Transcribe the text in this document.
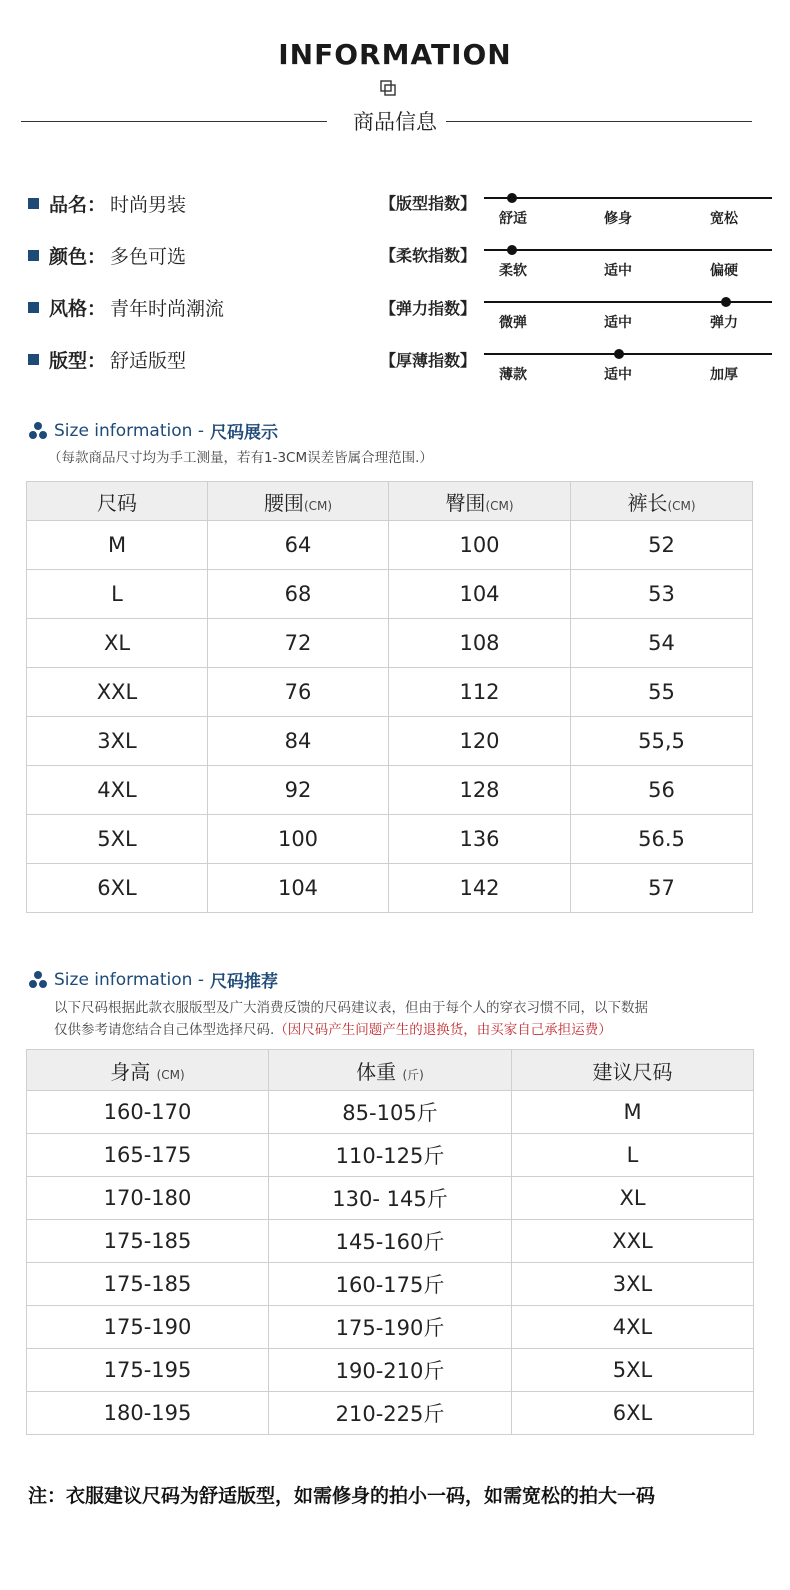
INFORMATION
商品信息
品名： 时尚男装
颜色： 多色可选
风格： 青年时尚潮流
版型： 舒适版型
【版型指数】
舒适	修身	宽松
【柔软指数】
柔软	适中	偏硬
【弹力指数】
微弹	适中	弹力
【厚薄指数】
薄款	适中	加厚
Size information - 尺码展示
（每款商品尺寸均为手工测量，若有1-3CM误差皆属合理范围.）
尺码	腰围(CM)	臀围(CM)	裤长(CM)
M	64	100	52
L	68	104	53
XL	72	108	54
XXL	76	112	55
3XL	84	120	55,5
4XL	92	128	56
5XL	100	136	56.5
6XL	104	142	57
Size information - 尺码推荐
以下尺码根据此款衣服版型及广大消费反馈的尺码建议表，但由于每个人的穿衣习惯不同，以下数据
仅供参考请您结合自己体型选择尺码.（因尺码产生问题产生的退换货，由买家自己承担运费）
身高 (CM)	体重 (斤)	建议尺码
160-170	85-105斤	M
165-175	110-125斤	L
170-180	130- 145斤	XL
175-185	145-160斤	XXL
175-185	160-175斤	3XL
175-190	175-190斤	4XL
175-195	190-210斤	5XL
180-195	210-225斤	6XL
注：衣服建议尺码为舒适版型，如需修身的拍小一码，如需宽松的拍大一码
